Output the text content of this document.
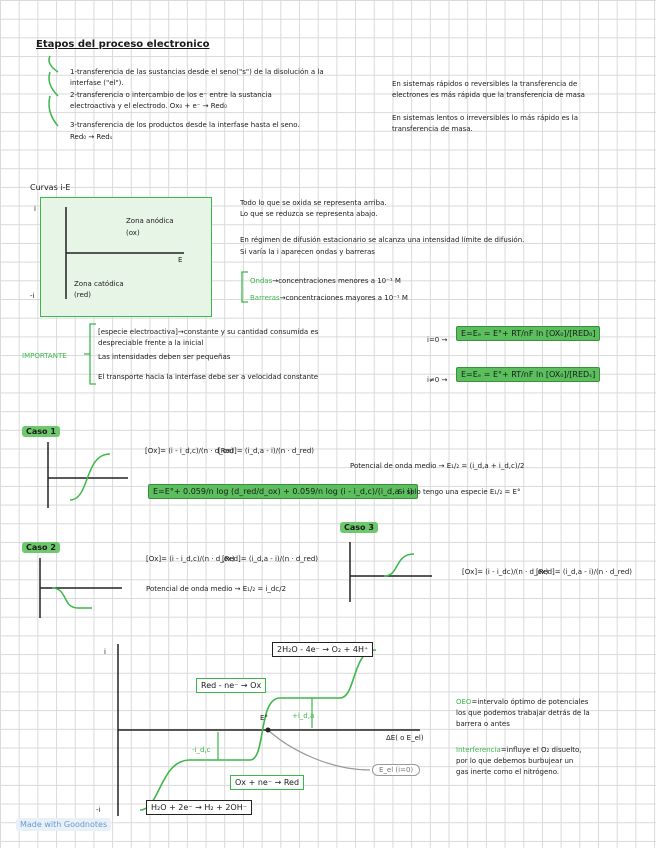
Etapos del proceso electronico
1-transferencia de las sustancias desde el seno("s") de la disolución a la
interfase ("el").
2-transferencia o intercambio de los e⁻ entre la sustancia
electroactiva y el electrodo. Ox₀ + e⁻ → Red₀
3-transferencia de los productos desde la interfase hasta el seno.
Red₀ → Redₛ
En sistemas rápidos o reversibles la transferencia de
electrones es más rápida que la transferencia de masa
En sistemas lentos o irreversibles lo más rápido es la
transferencia de masa.
Curvas i-E
i
E
-i
Zona anódica
(ox)
Zona catódica
(red)
Todo lo que se oxida se representa arriba.
Lo que se reduzca se representa abajo.
En régimen de difusión estacionario se alcanza una intensidad límite de difusión.
Si varía la i aparecen ondas y barreras
Ondas→concentraciones menores a 10⁻¹ M
Barreras→concentraciones mayores a 10⁻¹ M
IMPORTANTE
[especie electroactiva]→constante y su cantidad consumida es
despreciable frente a la inicial
Las intensidades deben ser pequeñas
El transporte hacia la interfase debe ser a velocidad constante
i=0 →
E=Eₑ = E°+ RT/nF ln [OX₀]/[RED₀]
i≠0 →
E=Eₑ = E°+ RT/nF ln [OX₀]/[REDₛ]
Caso 1
[Ox]= (i - i_d,c)/(n · d_ox)
[Red]= (i_d,a - i)/(n · d_red)
Potencial de onda medio → E₁/₂ = (i_d,a + i_d,c)/2
E=E°+ 0.059/n log (d_red/d_ox) + 0.059/n log (i - i_d,c)/(i_d,a - i)
Si solo tengo una especie E₁/₂ = E°
Caso 2
[Ox]= (i - i_d,c)/(n · d_ox)
[Red]= (i_d,a - i)/(n · d_red)
Potencial de onda medio → E₁/₂ = i_dc/2
Caso 3
[Ox]= (i - i_dc)/(n · d_ox)
[Red]= (i_d,a - i)/(n · d_red)
i
ΔE( o E_el)
E°
-i
+i_d,a
-i_d,c
2H₂O - 4e⁻ → O₂ + 4H⁺
Red - ne⁻ → Ox
Ox + ne⁻ → Red
H₂O + 2e⁻ → H₂ + 2OH⁻
E_el (i=0)
OEO=intervalo óptimo de potenciales
los que podemos trabajar detrás de la
barrera o antes
Interferencia=influye el O₂ disuelto,
por lo que debemos burbujear un
gas inerte como el nitrógeno.
Made with Goodnotes
